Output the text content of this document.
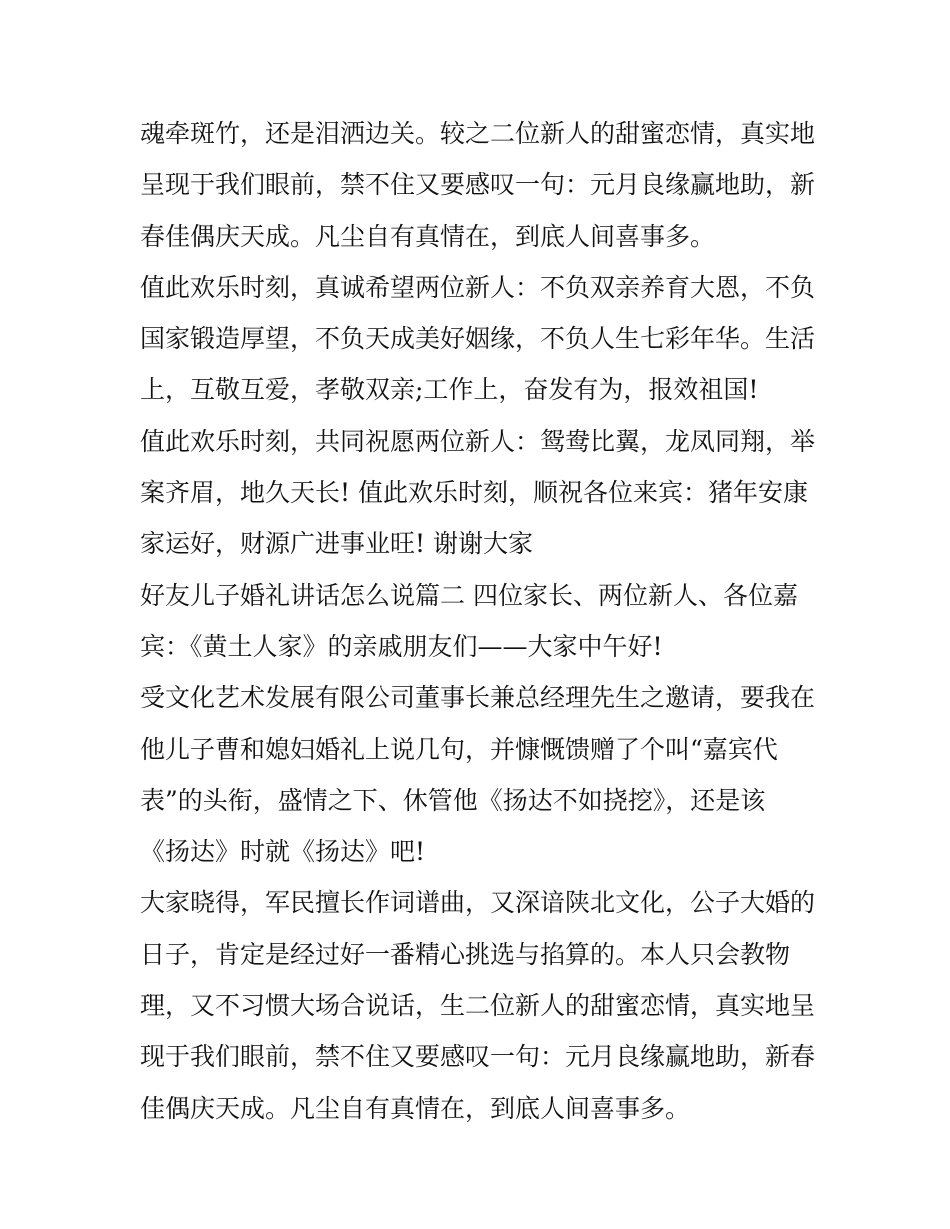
魂牵斑竹，还是泪洒边关。较之二位新人的甜蜜恋情，真实地
呈现于我们眼前，禁不住又要感叹一句：元月良缘赢地助，新
春佳偶庆天成。凡尘自有真情在，到底人间喜事多。
值此欢乐时刻，真诚希望两位新人：不负双亲养育大恩，不负
国家锻造厚望，不负天成美好姻缘，不负人生七彩年华。生活
上，互敬互爱，孝敬双亲;工作上，奋发有为，报效祖国!
值此欢乐时刻，共同祝愿两位新人：鸳鸯比翼，龙凤同翔，举
案齐眉，地久天长! 值此欢乐时刻，顺祝各位来宾：猪年安康
家运好，财源广进事业旺! 谢谢大家
好友儿子婚礼讲话怎么说篇二 四位家长、两位新人、各位嘉
宾：《黄土人家》的亲戚朋友们——大家中午好!
受文化艺术发展有限公司董事长兼总经理先生之邀请，要我在
他儿子曹和媳妇婚礼上说几句，并慷慨馈赠了个叫“嘉宾代
表”的头衔，盛情之下、休管他《扬达不如挠挖》，还是该
《扬达》时就《扬达》吧!
大家晓得，军民擅长作词谱曲，又深谙陕北文化，公子大婚的
日子，肯定是经过好一番精心挑选与掐算的。本人只会教物
理，又不习惯大场合说话，生二位新人的甜蜜恋情，真实地呈
现于我们眼前，禁不住又要感叹一句：元月良缘赢地助，新春
佳偶庆天成。凡尘自有真情在，到底人间喜事多。
